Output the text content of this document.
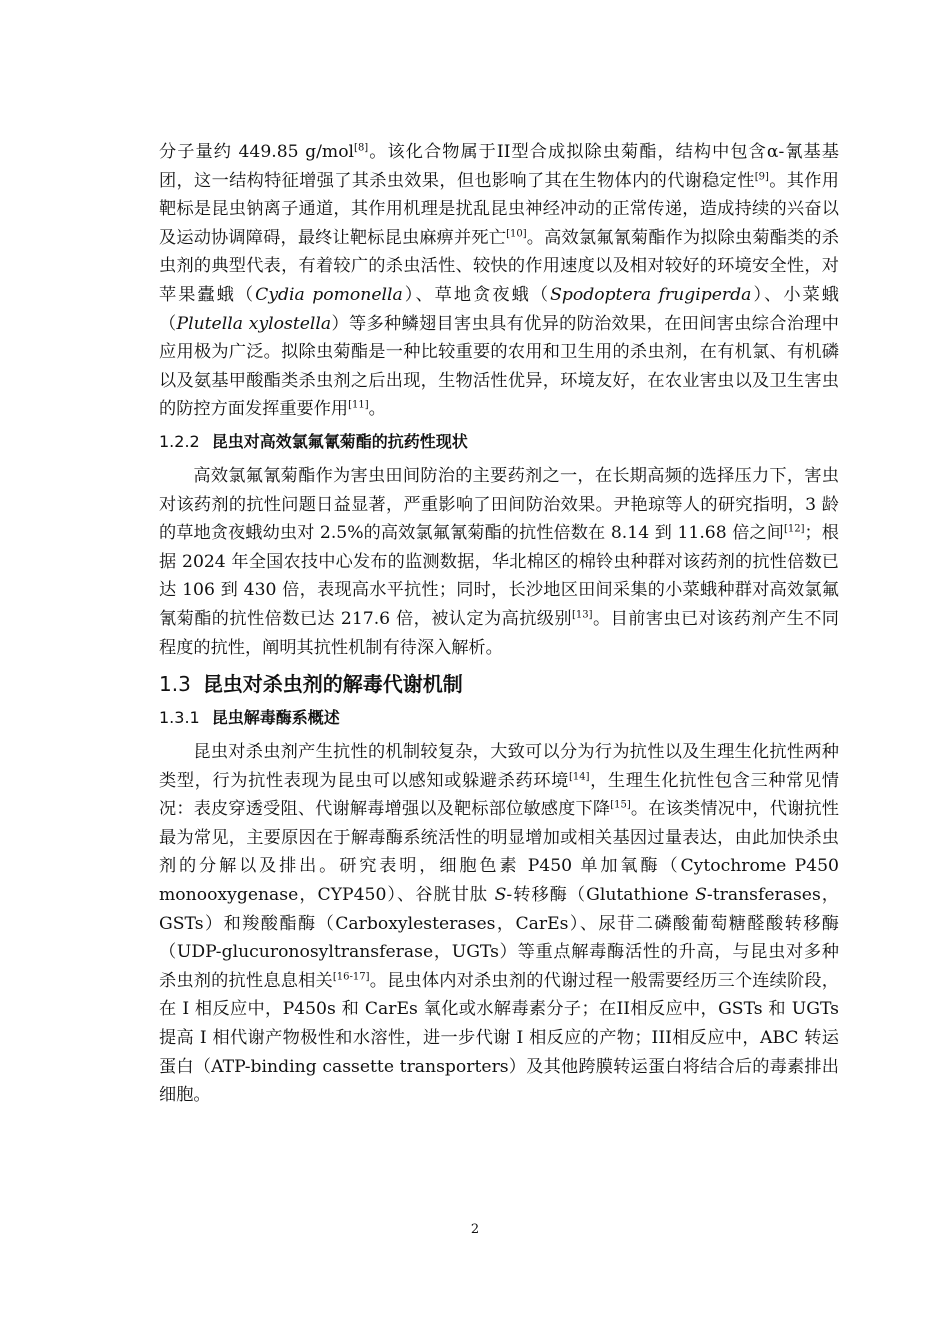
分子量约 449.85 g/mol[8]。该化合物属于II型合成拟除虫菊酯，结构中包含α-氰基基团，这一结构特征增强了其杀虫效果，但也影响了其在生物体内的代谢稳定性[9]。其作用靶标是昆虫钠离子通道，其作用机理是扰乱昆虫神经冲动的正常传递，造成持续的兴奋以及运动协调障碍，最终让靶标昆虫麻痹并死亡[10]。高效氯氟氰菊酯作为拟除虫菊酯类的杀虫剂的典型代表，有着较广的杀虫活性、较快的作用速度以及相对较好的环境安全性，对苹果蠹蛾（Cydia pomonella）、草地贪夜蛾（Spodoptera frugiperda）、小菜蛾（Plutella xylostella）等多种鳞翅目害虫具有优异的防治效果，在田间害虫综合治理中应用极为广泛。拟除虫菊酯是一种比较重要的农用和卫生用的杀虫剂，在有机氯、有机磷以及氨基甲酸酯类杀虫剂之后出现，生物活性优异，环境友好，在农业害虫以及卫生害虫的防控方面发挥重要作用[11]。

1.2.2 昆虫对高效氯氟氰菊酯的抗药性现状

高效氯氟氰菊酯作为害虫田间防治的主要药剂之一，在长期高频的选择压力下，害虫对该药剂的抗性问题日益显著，严重影响了田间防治效果。尹艳琼等人的研究指明，3 龄的草地贪夜蛾幼虫对 2.5%的高效氯氟氰菊酯的抗性倍数在 8.14 到 11.68 倍之间[12]；根据 2024 年全国农技中心发布的监测数据，华北棉区的棉铃虫种群对该药剂的抗性倍数已达 106 到 430 倍，表现高水平抗性；同时，长沙地区田间采集的小菜蛾种群对高效氯氟氰菊酯的抗性倍数已达 217.6 倍，被认定为高抗级别[13]。目前害虫已对该药剂产生不同程度的抗性，阐明其抗性机制有待深入解析。

1.3 昆虫对杀虫剂的解毒代谢机制
1.3.1 昆虫解毒酶系概述

昆虫对杀虫剂产生抗性的机制较复杂，大致可以分为行为抗性以及生理生化抗性两种类型，行为抗性表现为昆虫可以感知或躲避杀药环境[14]，生理生化抗性包含三种常见情况：表皮穿透受阻、代谢解毒增强以及靶标部位敏感度下降[15]。在该类情况中，代谢抗性最为常见，主要原因在于解毒酶系统活性的明显增加或相关基因过量表达，由此加快杀虫剂的分解以及排出。研究表明，细胞色素 P450 单加氧酶（Cytochrome P450 monooxygenase，CYP450）、谷胱甘肽 S-转移酶（Glutathione S-transferases，GSTs）和羧酸酯酶（Carboxylesterases，CarEs）、尿苷二磷酸葡萄糖醛酸转移酶（UDP-glucuronosyltransferase，UGTs）等重点解毒酶活性的升高，与昆虫对多种杀虫剂的抗性息息相关[16-17]。昆虫体内对杀虫剂的代谢过程一般需要经历三个连续阶段，在 I 相反应中，P450s 和 CarEs 氧化或水解毒素分子；在II相反应中，GSTs 和 UGTs 提高 I 相代谢产物极性和水溶性，进一步代谢 I 相反应的产物；III相反应中，ABC 转运蛋白（ATP-binding cassette transporters）及其他跨膜转运蛋白将结合后的毒素排出细胞。

2
